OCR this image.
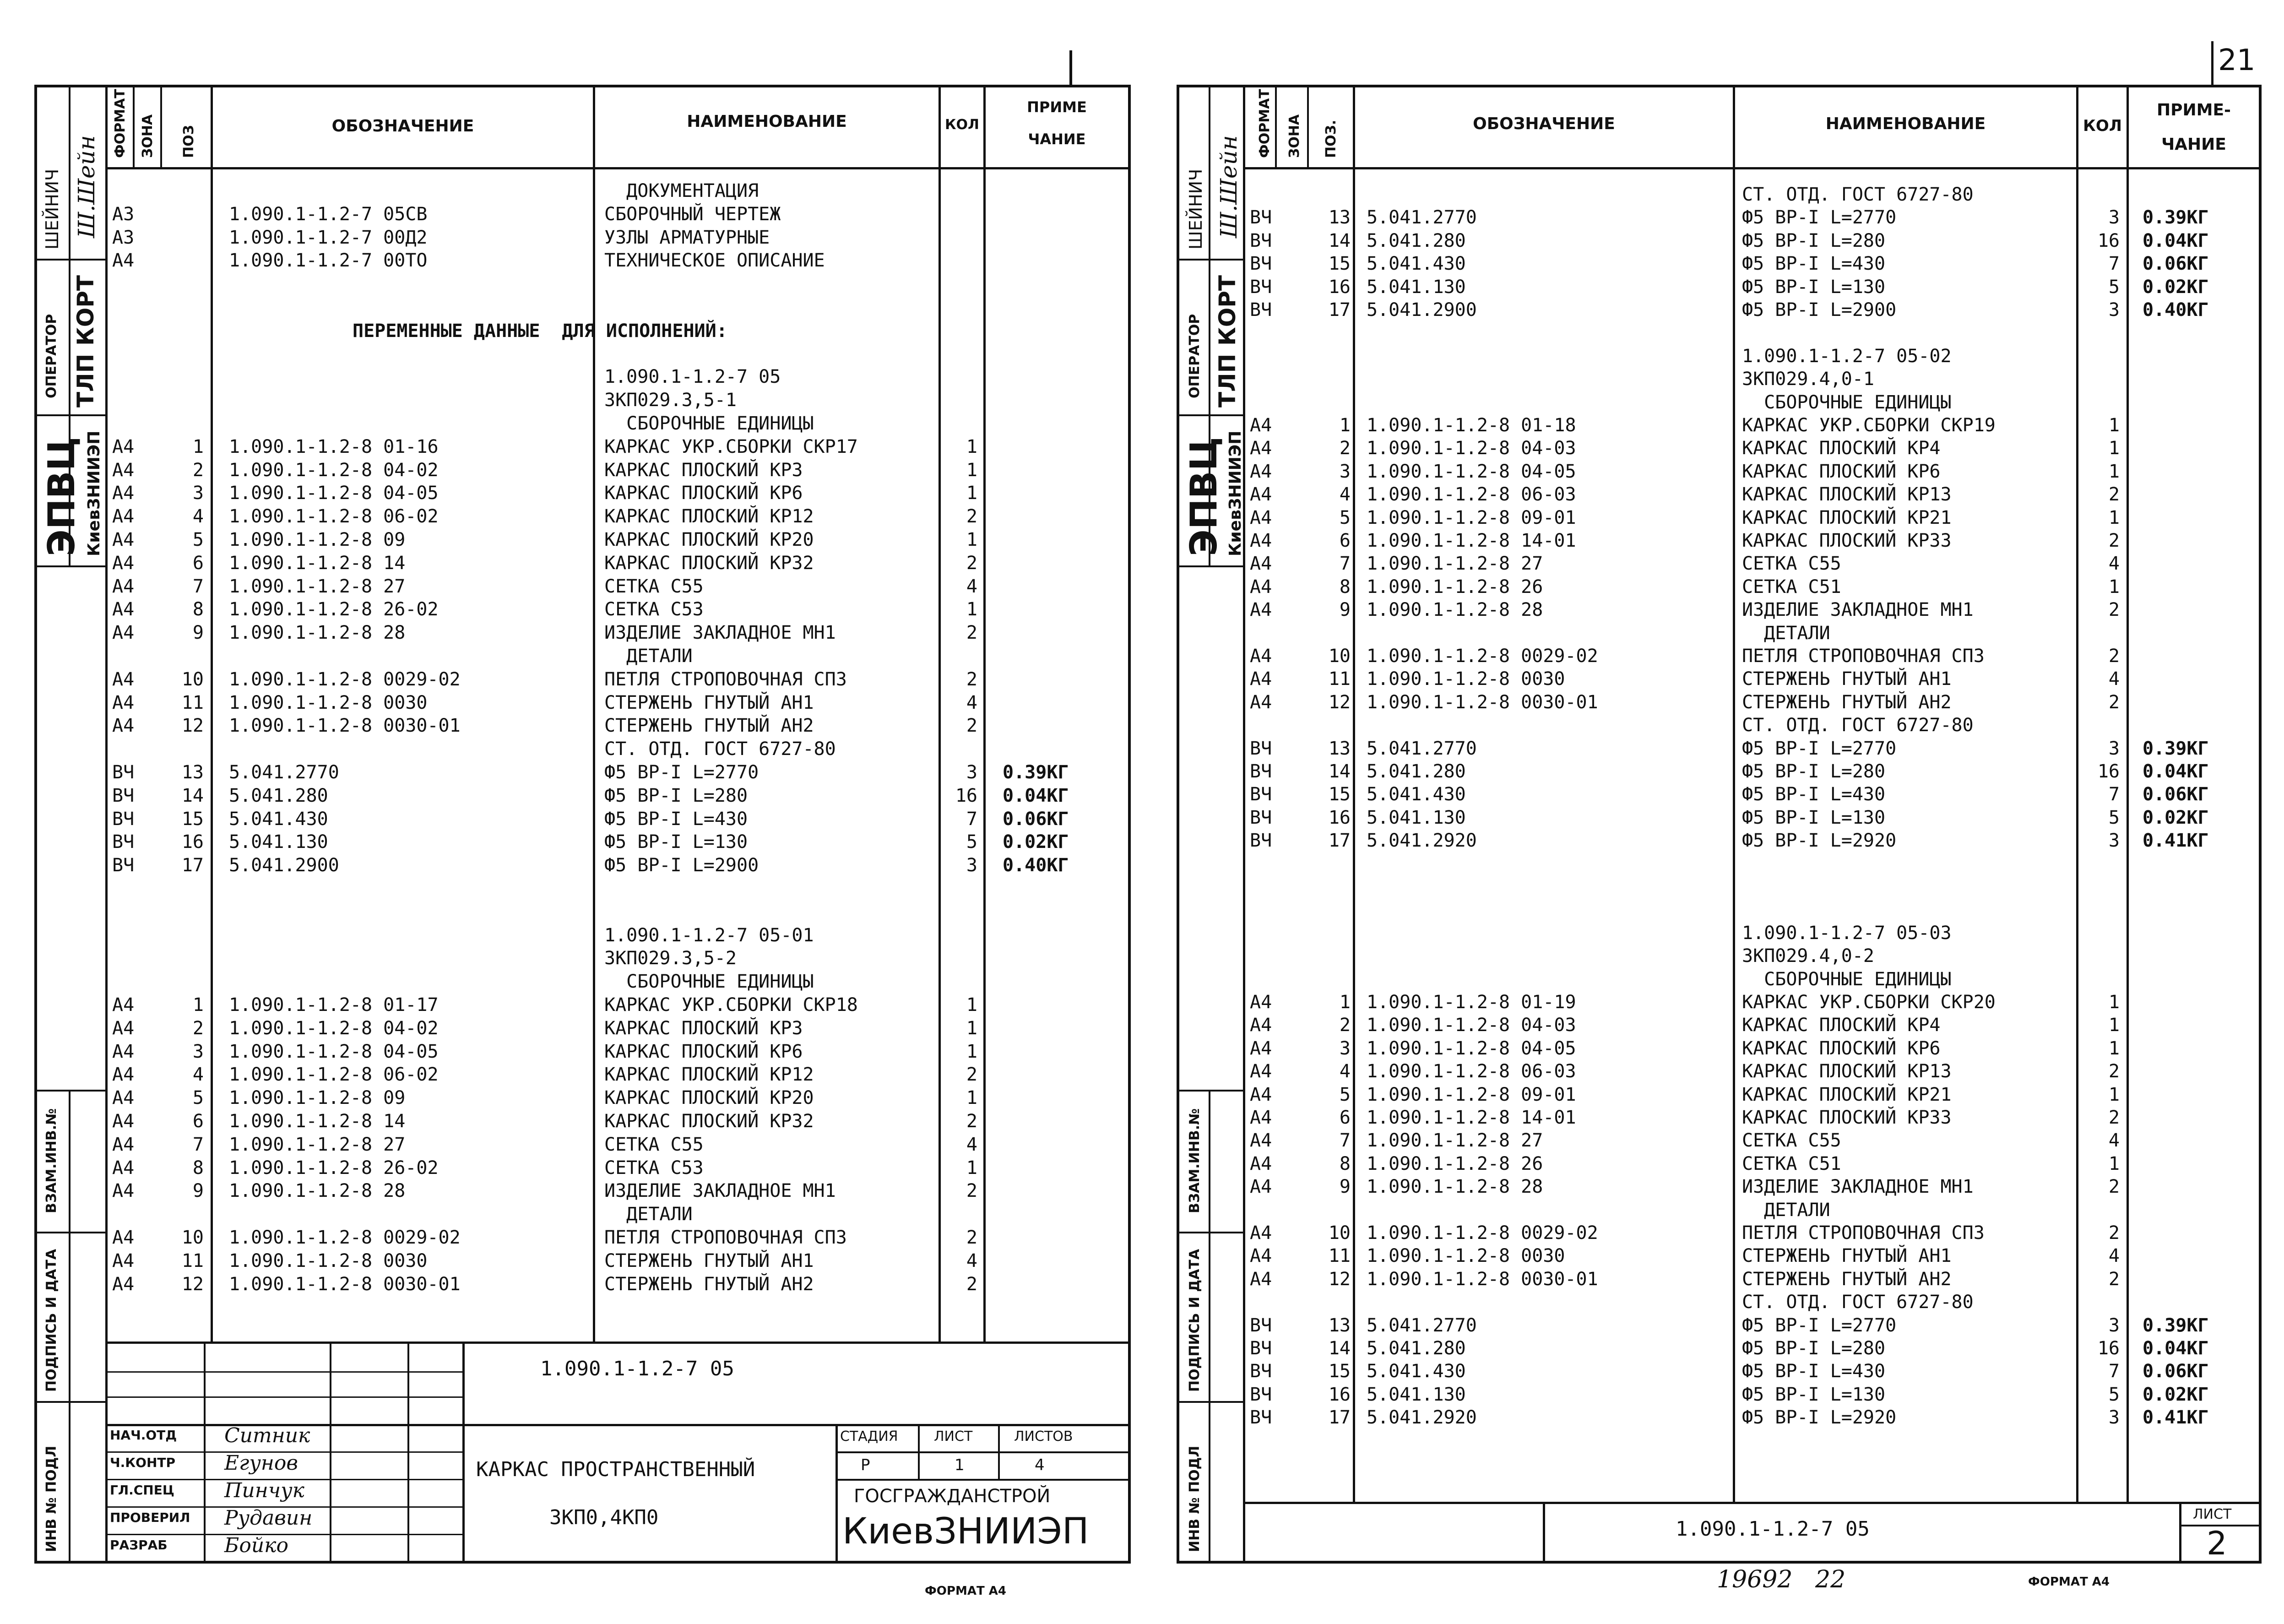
ШЕЙНИЧ Ш.Шейн
ОПЕРАТОР ТЛП КОРТ
ЭПВЦ КиевЗНИИЭП
ВЗАМ.ИНВ.№
ПОДПИСЬ И ДАТА
ИНВ № ПОДЛ
ФОРМАТ ЗОНА ПОЗ	ОБОЗНАЧЕНИЕ	НАИМЕНОВАНИЕ	КОЛ
ПРИМЕ
ЧАНИЕ
ДОКУМЕНТАЦИЯ
А3	1.090.1-1.2-7 05СВ	СБОРОЧНЫЙ ЧЕРТЕЖ
А3	1.090.1-1.2-7 00Д2	УЗЛЫ АРМАТУРНЫЕ
А4	1.090.1-1.2-7 00ТО	ТЕХНИЧЕСКОЕ ОПИСАНИЕ
1.090.1-1.2-7 05
3КП029.3,5-1
СБОРОЧНЫЕ ЕДИНИЦЫ
А4	1 1.090.1-1.2-8 01-16	КАРКАС УКР.СБОРКИ СКР17	1
А4	2 1.090.1-1.2-8 04-02	КАРКАС ПЛОСКИЙ КР3	1
А4	3 1.090.1-1.2-8 04-05	КАРКАС ПЛОСКИЙ КР6	1
А4	4 1.090.1-1.2-8 06-02	КАРКАС ПЛОСКИЙ КР12	2
А4	5 1.090.1-1.2-8 09	КАРКАС ПЛОСКИЙ КР20	1
А4	6 1.090.1-1.2-8 14	КАРКАС ПЛОСКИЙ КР32	2
А4	7 1.090.1-1.2-8 27	СЕТКА С55	4
А4	8 1.090.1-1.2-8 26-02	СЕТКА С53	1
А4	9 1.090.1-1.2-8 28	ИЗДЕЛИЕ ЗАКЛАДНОЕ МН1	2
ДЕТАЛИ
А4	10 1.090.1-1.2-8 0029-02	ПЕТЛЯ СТРОПОВОЧНАЯ СП3	2
А4	11 1.090.1-1.2-8 0030	СТЕРЖЕНЬ ГНУТЫЙ АН1	4
А4	12 1.090.1-1.2-8 0030-01	СТЕРЖЕНЬ ГНУТЫЙ АН2	2
СТ. ОТД. ГОСТ 6727-80
ВЧ	13 5.041.2770	Ф5 ВР-I L=2770	3 0.39КГ
ВЧ	14 5.041.280	Ф5 ВР-I L=280	16 0.04КГ
ВЧ	15 5.041.430	Ф5 ВР-I L=430	7 0.06КГ
ВЧ	16 5.041.130	Ф5 ВР-I L=130	5 0.02КГ
ВЧ	17 5.041.2900	Ф5 ВР-I L=2900	3 0.40КГ
1.090.1-1.2-7 05-01
3КП029.3,5-2
СБОРОЧНЫЕ ЕДИНИЦЫ
А4	1 1.090.1-1.2-8 01-17	КАРКАС УКР.СБОРКИ СКР18	1
А4	2 1.090.1-1.2-8 04-02	КАРКАС ПЛОСКИЙ КР3	1
А4	3 1.090.1-1.2-8 04-05	КАРКАС ПЛОСКИЙ КР6	1
А4	4 1.090.1-1.2-8 06-02	КАРКАС ПЛОСКИЙ КР12	2
А4	5 1.090.1-1.2-8 09	КАРКАС ПЛОСКИЙ КР20	1
А4	6 1.090.1-1.2-8 14	КАРКАС ПЛОСКИЙ КР32	2
А4	7 1.090.1-1.2-8 27	СЕТКА С55	4
А4	8 1.090.1-1.2-8 26-02	СЕТКА С53	1
А4	9 1.090.1-1.2-8 28	ИЗДЕЛИЕ ЗАКЛАДНОЕ МН1	2
ДЕТАЛИ
А4	10 1.090.1-1.2-8 0029-02	ПЕТЛЯ СТРОПОВОЧНАЯ СП3	2
А4	11 1.090.1-1.2-8 0030	СТЕРЖЕНЬ ГНУТЫЙ АН1	4
А4	12 1.090.1-1.2-8 0030-01	СТЕРЖЕНЬ ГНУТЫЙ АН2	2
ПЕРЕМЕННЫЕ ДАННЫЕ  ДЛЯ ИСПОЛНЕНИЙ:
1.090.1-1.2-7 05
КАРКАС ПРОСТРАНСТВЕННЫЙ
3КП0,4КП0
СТАДИЯ	ЛИСТ	ЛИСТОВ
Р	1	4
ГОСГРАЖДАНСТРОЙ
КиевЗНИИЭП
НАЧ.ОТД Ситник
Ч.КОНТР Егунов
ГЛ.СПЕЦ Пинчук
ПРОВЕРИЛ Рудавин
РАЗРАБ	Бойко
ФОРМАТ А4
21
ШЕЙНИЧ Ш.Шейн
ОПЕРАТОР ТЛП КОРТ
ЭПВЦ КиевЗНИИЭП
ВЗАМ.ИНВ.№
ПОДПИСЬ И ДАТА
ИНВ № ПОДЛ
ФОРМАТ ЗОНА ПОЗ.	ОБОЗНАЧЕНИЕ	НАИМЕНОВАНИЕ	КОЛ
ПРИМЕ-
ЧАНИЕ
СТ. ОТД. ГОСТ 6727-80
ВЧ	13 5.041.2770	Ф5 ВР-I L=2770	3 0.39КГ
ВЧ	14 5.041.280	Ф5 ВР-I L=280	16 0.04КГ
ВЧ	15 5.041.430	Ф5 ВР-I L=430	7 0.06КГ
ВЧ	16 5.041.130	Ф5 ВР-I L=130	5 0.02КГ
ВЧ	17 5.041.2900	Ф5 ВР-I L=2900	3 0.40КГ
1.090.1-1.2-7 05-02
3КП029.4,0-1
СБОРОЧНЫЕ ЕДИНИЦЫ
А4	1 1.090.1-1.2-8 01-18	КАРКАС УКР.СБОРКИ СКР19	1
А4	2 1.090.1-1.2-8 04-03	КАРКАС ПЛОСКИЙ КР4	1
А4	3 1.090.1-1.2-8 04-05	КАРКАС ПЛОСКИЙ КР6	1
А4	4 1.090.1-1.2-8 06-03	КАРКАС ПЛОСКИЙ КР13	2
А4	5 1.090.1-1.2-8 09-01	КАРКАС ПЛОСКИЙ КР21	1
А4	6 1.090.1-1.2-8 14-01	КАРКАС ПЛОСКИЙ КР33	2
А4	7 1.090.1-1.2-8 27	СЕТКА С55	4
А4	8 1.090.1-1.2-8 26	СЕТКА С51	1
А4	9 1.090.1-1.2-8 28	ИЗДЕЛИЕ ЗАКЛАДНОЕ МН1	2
ДЕТАЛИ
А4	10 1.090.1-1.2-8 0029-02	ПЕТЛЯ СТРОПОВОЧНАЯ СП3	2
А4	11 1.090.1-1.2-8 0030	СТЕРЖЕНЬ ГНУТЫЙ АН1	4
А4	12 1.090.1-1.2-8 0030-01	СТЕРЖЕНЬ ГНУТЫЙ АН2	2
СТ. ОТД. ГОСТ 6727-80
ВЧ	13 5.041.2770	Ф5 ВР-I L=2770	3 0.39КГ
ВЧ	14 5.041.280	Ф5 ВР-I L=280	16 0.04КГ
ВЧ	15 5.041.430	Ф5 ВР-I L=430	7 0.06КГ
ВЧ	16 5.041.130	Ф5 ВР-I L=130	5 0.02КГ
ВЧ	17 5.041.2920	Ф5 ВР-I L=2920	3 0.41КГ
1.090.1-1.2-7 05-03
3КП029.4,0-2
СБОРОЧНЫЕ ЕДИНИЦЫ
А4	1 1.090.1-1.2-8 01-19	КАРКАС УКР.СБОРКИ СКР20	1
А4	2 1.090.1-1.2-8 04-03	КАРКАС ПЛОСКИЙ КР4	1
А4	3 1.090.1-1.2-8 04-05	КАРКАС ПЛОСКИЙ КР6	1
А4	4 1.090.1-1.2-8 06-03	КАРКАС ПЛОСКИЙ КР13	2
А4	5 1.090.1-1.2-8 09-01	КАРКАС ПЛОСКИЙ КР21	1
А4	6 1.090.1-1.2-8 14-01	КАРКАС ПЛОСКИЙ КР33	2
А4	7 1.090.1-1.2-8 27	СЕТКА С55	4
А4	8 1.090.1-1.2-8 26	СЕТКА С51	1
А4	9 1.090.1-1.2-8 28	ИЗДЕЛИЕ ЗАКЛАДНОЕ МН1	2
ДЕТАЛИ
А4	10 1.090.1-1.2-8 0029-02	ПЕТЛЯ СТРОПОВОЧНАЯ СП3	2
А4	11 1.090.1-1.2-8 0030	СТЕРЖЕНЬ ГНУТЫЙ АН1	4
А4	12 1.090.1-1.2-8 0030-01	СТЕРЖЕНЬ ГНУТЫЙ АН2	2
СТ. ОТД. ГОСТ 6727-80
ВЧ	13 5.041.2770	Ф5 ВР-I L=2770	3 0.39КГ
ВЧ	14 5.041.280	Ф5 ВР-I L=280	16 0.04КГ
ВЧ	15 5.041.430	Ф5 ВР-I L=430	7 0.06КГ
ВЧ	16 5.041.130	Ф5 ВР-I L=130	5 0.02КГ
ВЧ	17 5.041.2920	Ф5 ВР-I L=2920	3 0.41КГ
1.090.1-1.2-7 05
ЛИСТ
2
19692   22	ФОРМАТ А4
